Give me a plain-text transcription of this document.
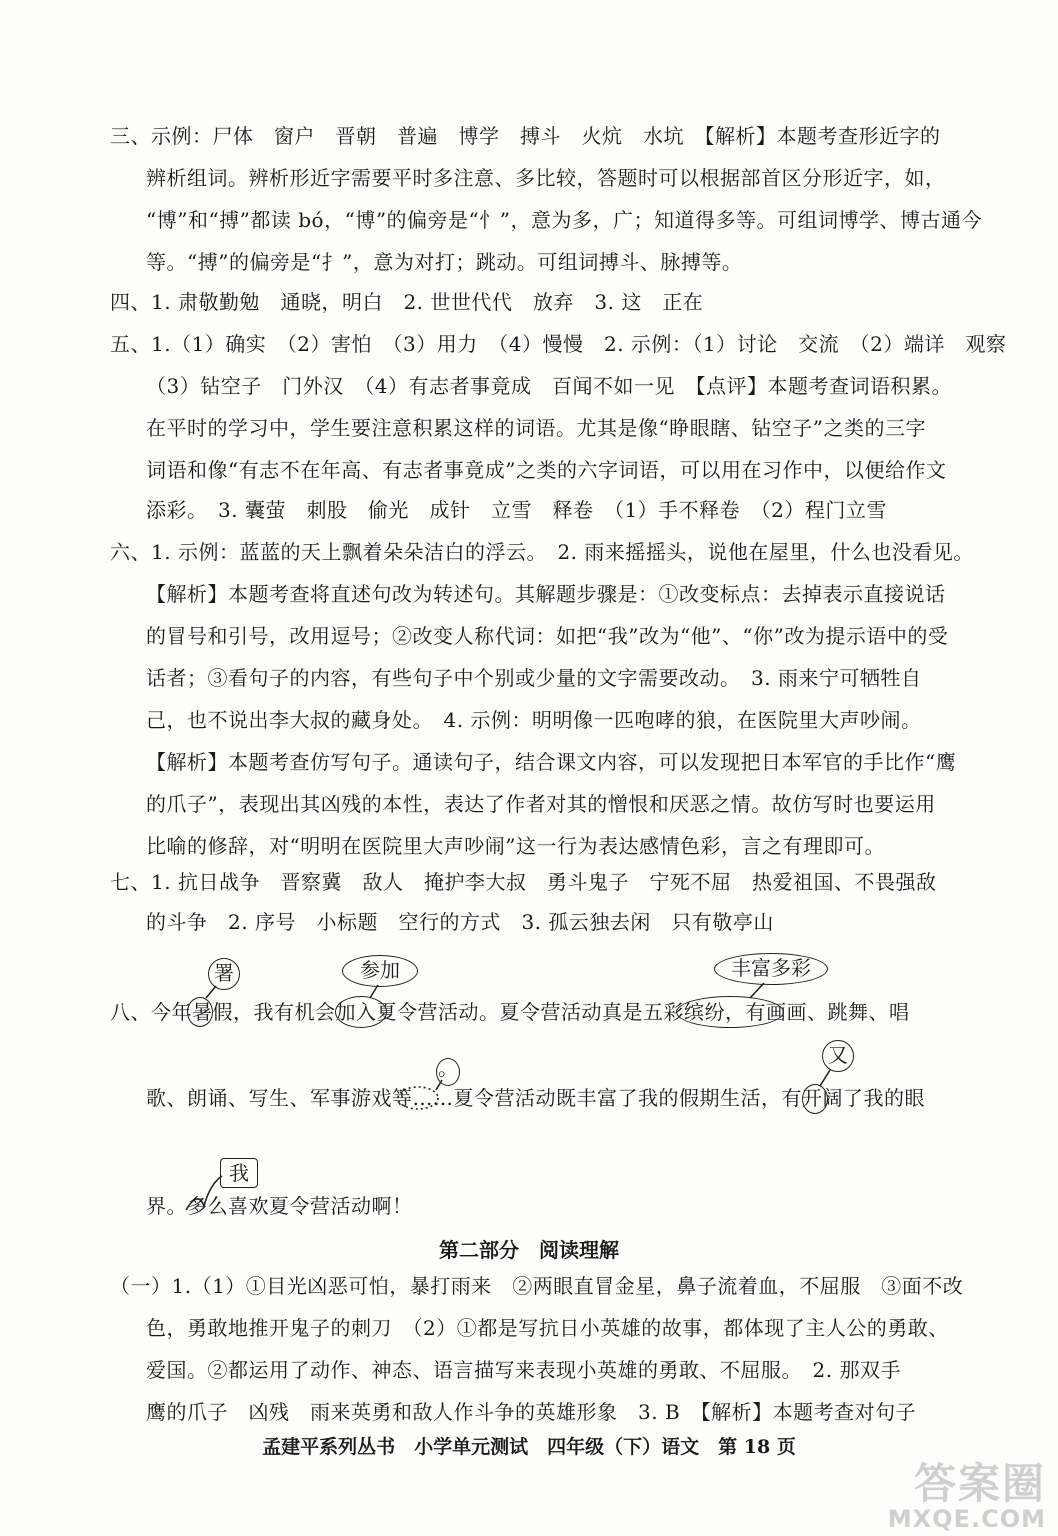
三、示例：尸体　窗户　晋朝　普遍　博学　搏斗　火炕　水坑　【解析】本题考查形近字的
辨析组词。辨析形近字需要平时多注意、多比较，答题时可以根据部首区分形近字，如，
“博”和“搏”都读 bó，“博”的偏旁是“忄”，意为多，广；知道得多等。可组词博学、博古通今
等。“搏”的偏旁是“扌”，意为对打；跳动。可组词搏斗、脉搏等。
四、1. 肃敬勤勉　通晓，明白　2. 世世代代　放弃　3. 这　正在
五、1.（1）确实　（2）害怕　（3）用力　（4）慢慢　2. 示例：（1）讨论　交流　（2）端详　观察
（3）钻空子　门外汉　（4）有志者事竟成　百闻不如一见　【点评】本题考查词语积累。
在平时的学习中，学生要注意积累这样的词语。尤其是像“睁眼瞎、钻空子”之类的三字
词语和像“有志不在年高、有志者事竟成”之类的六字词语，可以用在习作中，以便给作文
添彩。　3. 囊萤　刺股　偷光　成针　立雪　释卷　（1）手不释卷　（2）程门立雪
六、1. 示例：蓝蓝的天上飘着朵朵洁白的浮云。　2. 雨来摇摇头，说他在屋里，什么也没看见。
【解析】本题考查将直述句改为转述句。其解题步骤是：①改变标点：去掉表示直接说话
的冒号和引号，改用逗号；②改变人称代词：如把“我”改为“他”、“你”改为提示语中的受
话者；③看句子的内容，有些句子中个别或少量的文字需要改动。　3. 雨来宁可牺牲自
己，也不说出李大叔的藏身处。　4. 示例：明明像一匹咆哮的狼，在医院里大声吵闹。
【解析】本题考查仿写句子。通读句子，结合课文内容，可以发现把日本军官的手比作“鹰
的爪子”，表现出其凶残的本性，表达了作者对其的憎恨和厌恶之情。故仿写时也要运用
比喻的修辞，对“明明在医院里大声吵闹”这一行为表达感情色彩，言之有理即可。
七、1. 抗日战争　晋察冀　敌人　掩护李大叔　勇斗鬼子　宁死不屈　热爱祖国、不畏强敌
的斗争　2. 序号　小标题　空行的方式　3. 孤云独去闲　只有敬亭山
八、今年暑假，我有机会加入夏令营活动。夏令营活动真是五彩缤纷，有画画、跳舞、唱
歌、朗诵、写生、军事游戏等……夏令营活动既丰富了我的假期生活，有开阔了我的眼
界。多么喜欢夏令营活动啊！
署	参加	丰富多彩
。
又
我
第二部分　阅读理解
（一）1.（1）①目光凶恶可怕，暴打雨来　②两眼直冒金星，鼻子流着血，不屈服　③面不改
色，勇敢地推开鬼子的刺刀　（2）①都是写抗日小英雄的故事，都体现了主人公的勇敢、
爱国。②都运用了动作、神态、语言描写来表现小英雄的勇敢、不屈服。　2. 那双手
鹰的爪子　凶残　雨来英勇和敌人作斗争的英雄形象　3. B　【解析】本题考查对句子
孟建平系列丛书　小学单元测试　四年级（下）语文　第 18 页
答案圈
MXQE.COM
